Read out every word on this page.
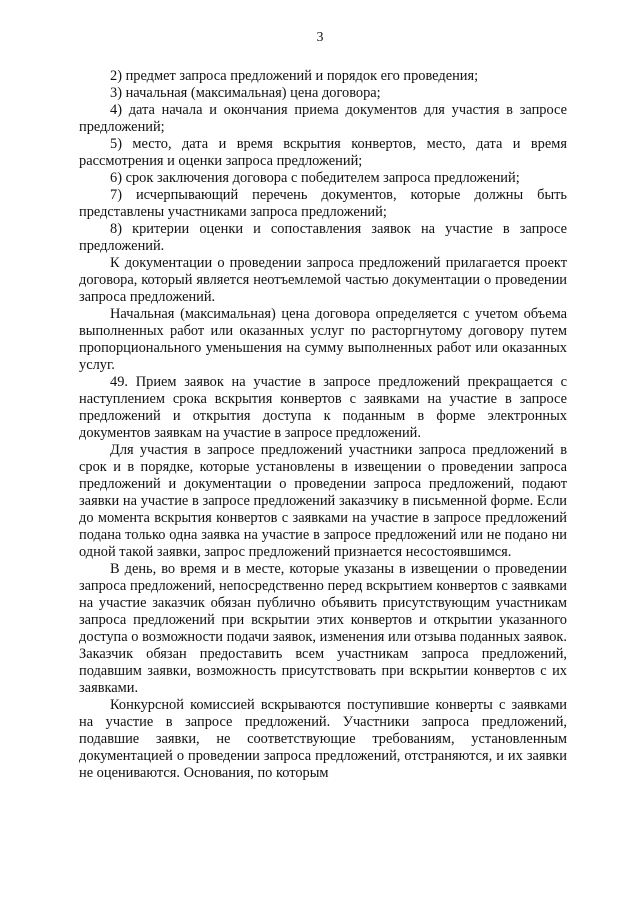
3

2) предмет запроса предложений и порядок его проведения;

3) начальная (максимальная) цена договора;

4) дата начала и окончания приема документов для участия в запросе предложений;

5) место, дата и время вскрытия конвертов, место, дата и время рассмотрения и оценки запроса предложений;

6) срок заключения договора с победителем запроса предложений;

7) исчерпывающий перечень документов, которые должны быть представлены участниками запроса предложений;

8) критерии оценки и сопоставления заявок на участие в запросе предложений.

К документации о проведении запроса предложений прилагается проект договора, который является неотъемлемой частью документации о проведении запроса предложений.

Начальная (максимальная) цена договора определяется с учетом объема выполненных работ или оказанных услуг по расторгнутому договору путем пропорционального уменьшения на сумму выполненных работ или оказанных услуг.

49. Прием заявок на участие в запросе предложений прекращается с наступлением срока вскрытия конвертов с заявками на участие в запросе предложений и открытия доступа к поданным в форме электронных документов заявкам на участие в запросе предложений.

Для участия в запросе предложений участники запроса предложений в срок и в порядке, которые установлены в извещении о проведении запроса предложений и документации о проведении запроса предложений, подают заявки на участие в запросе предложений заказчику в письменной форме. Если до момента вскрытия конвертов с заявками на участие в запросе предложений подана только одна заявка на участие в запросе предложений или не подано ни одной такой заявки, запрос предложений признается несостоявшимся.

В день, во время и в месте, которые указаны в извещении о проведении запроса предложений, непосредственно перед вскрытием конвертов с заявками на участие заказчик обязан публично объявить присутствующим участникам запроса предложений при вскрытии этих конвертов и открытии указанного доступа о возможности подачи заявок, изменения или отзыва поданных заявок. Заказчик обязан предоставить всем участникам запроса предложений, подавшим заявки, возможность присутствовать при вскрытии конвертов с их заявками.

Конкурсной комиссией вскрываются поступившие конверты с заявками на участие в запросе предложений. Участники запроса предложений, подавшие заявки, не соответствующие требованиям, установленным документацией о проведении запроса предложений, отстраняются, и их заявки не оцениваются. Основания, по которым
